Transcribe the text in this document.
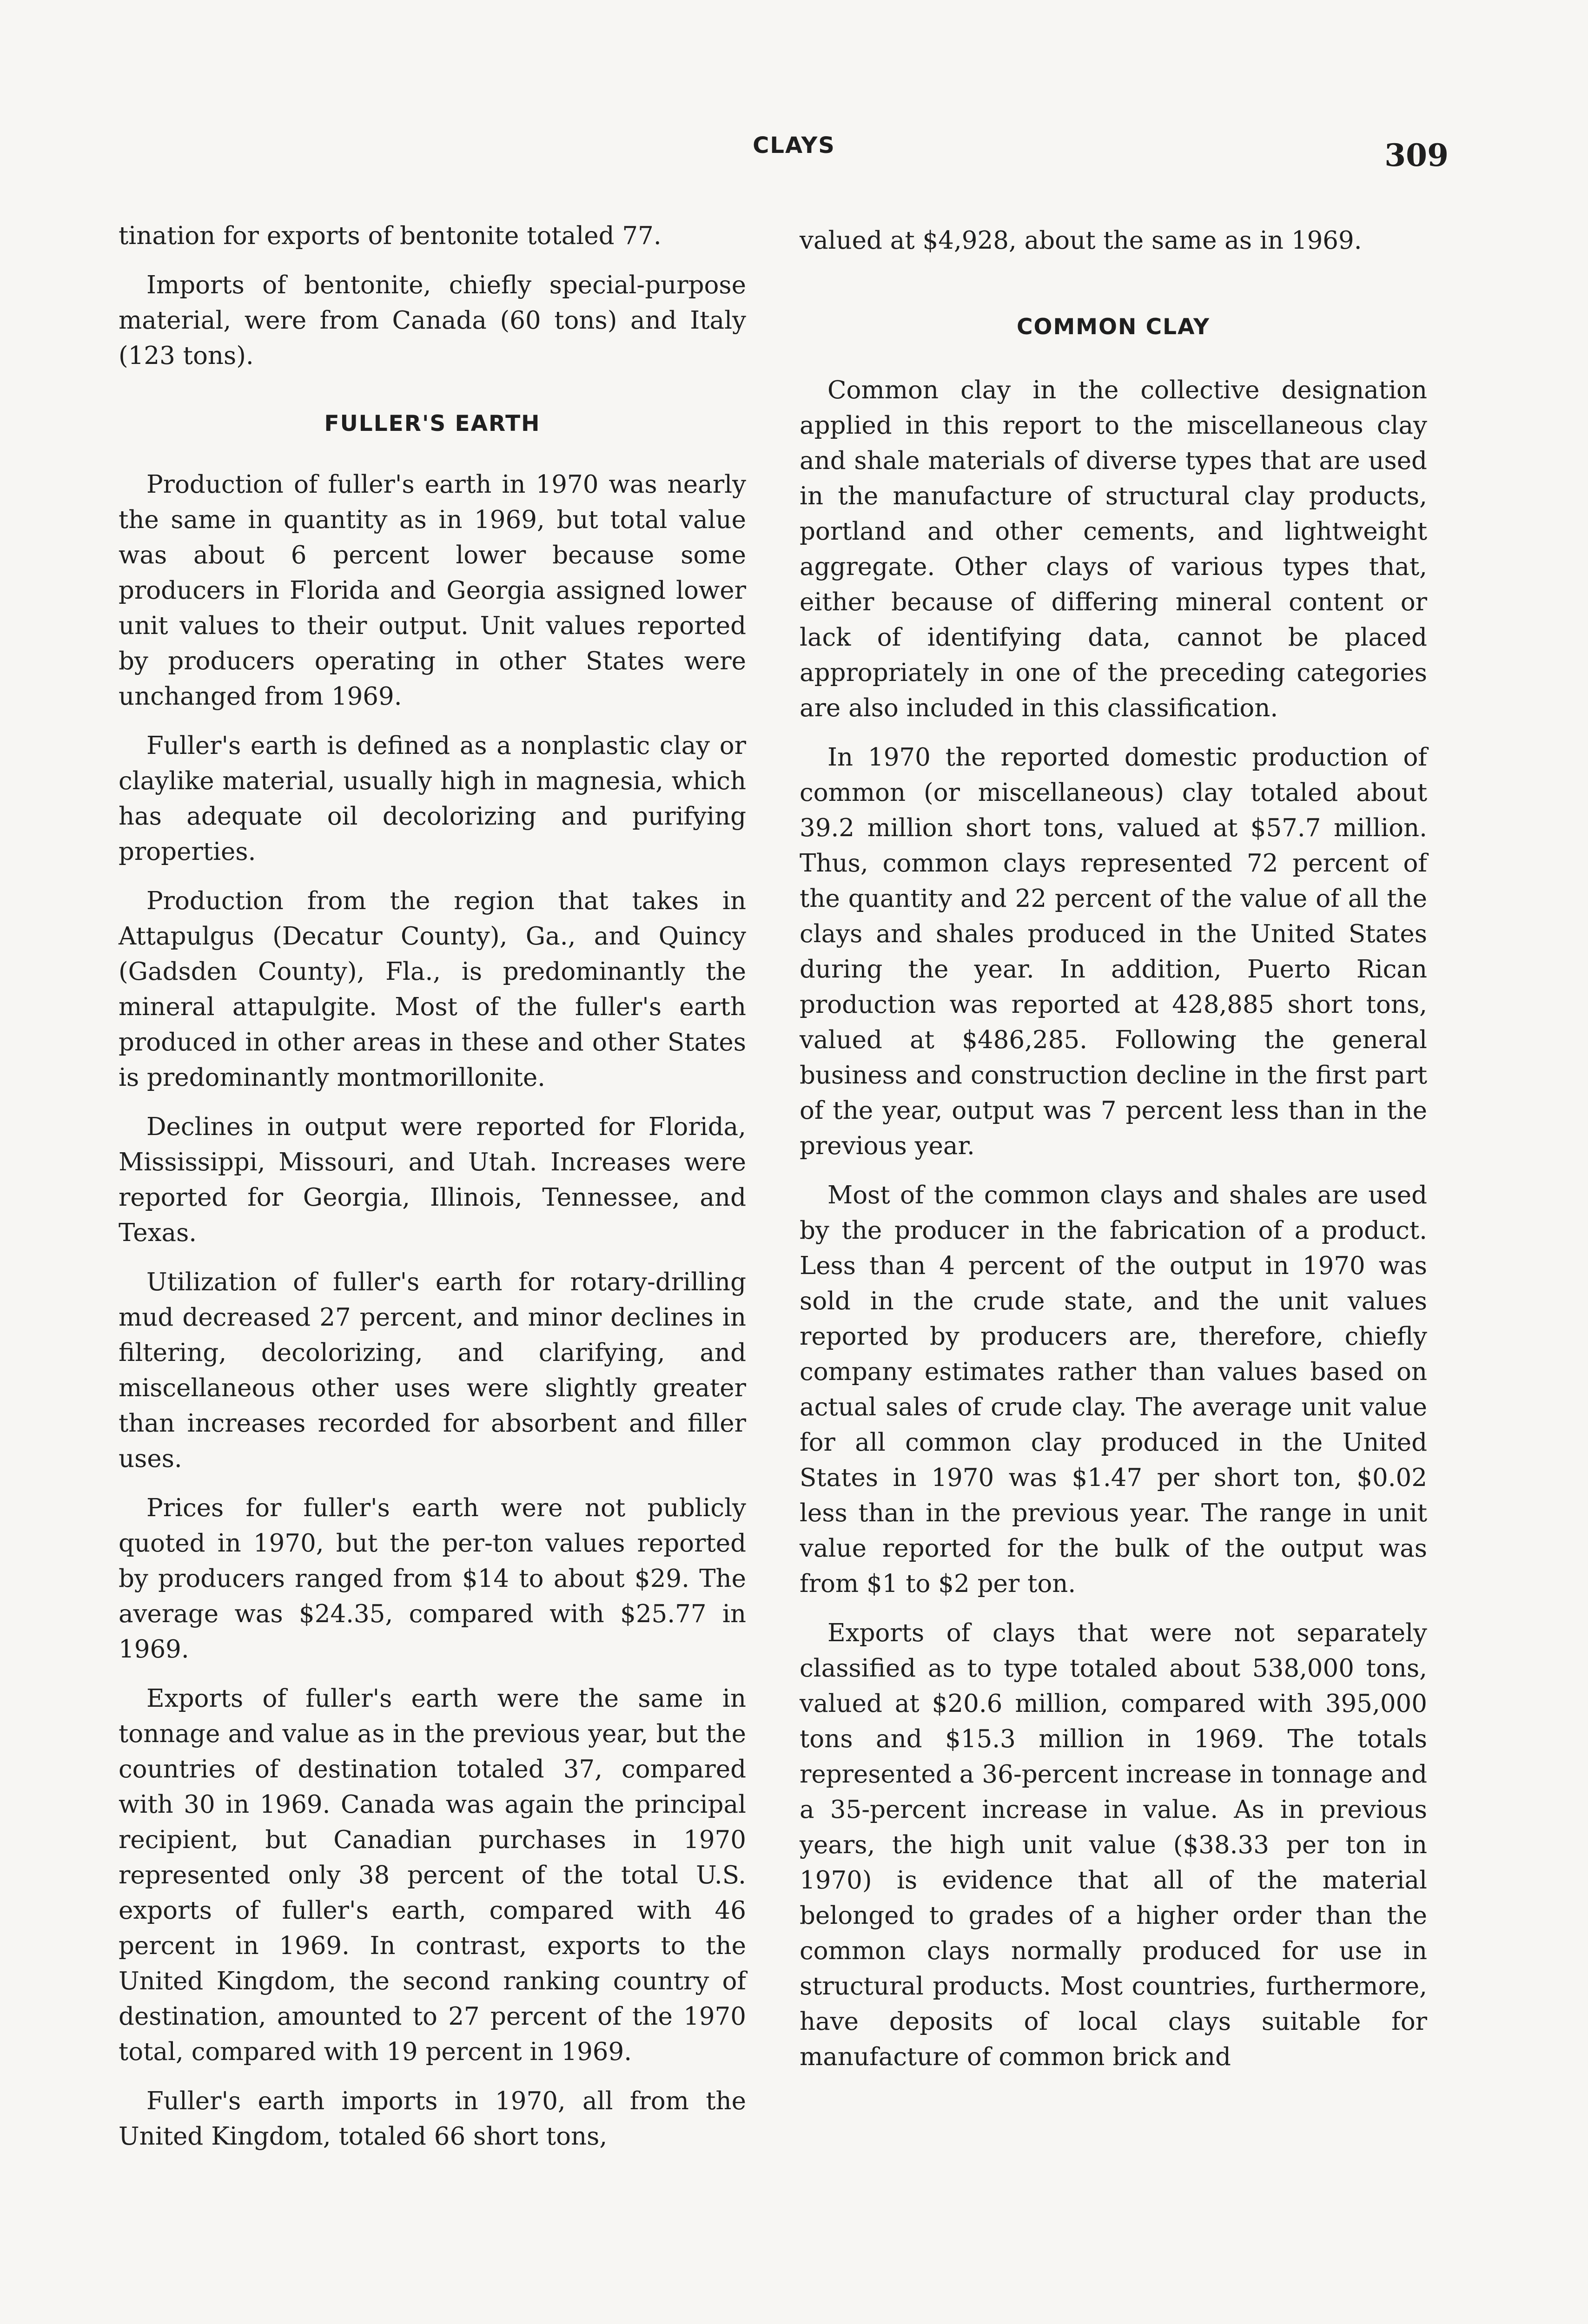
CLAYS	309

tination for exports of bentonite totaled 77.

Imports of bentonite, chiefly special-purpose material, were from Canada (60 tons) and Italy (123 tons).

FULLER'S EARTH

Production of fuller's earth in 1970 was nearly the same in quantity as in 1969, but total value was about 6 percent lower because some producers in Florida and Georgia assigned lower unit values to their output. Unit values reported by producers operating in other States were unchanged from 1969.

Fuller's earth is defined as a nonplastic clay or claylike material, usually high in magnesia, which has adequate oil decolorizing and purifying properties.

Production from the region that takes in Attapulgus (Decatur County), Ga., and Quincy (Gadsden County), Fla., is predominantly the mineral attapulgite. Most of the fuller's earth produced in other areas in these and other States is predominantly montmorillonite.

Declines in output were reported for Florida, Mississippi, Missouri, and Utah. Increases were reported for Georgia, Illinois, Tennessee, and Texas.

Utilization of fuller's earth for rotary-drilling mud decreased 27 percent, and minor declines in filtering, decolorizing, and clarifying, and miscellaneous other uses were slightly greater than increases recorded for absorbent and filler uses.

Prices for fuller's earth were not publicly quoted in 1970, but the per-ton values reported by producers ranged from $14 to about $29. The average was $24.35, compared with $25.77 in 1969.

Exports of fuller's earth were the same in tonnage and value as in the previous year, but the countries of destination totaled 37, compared with 30 in 1969. Canada was again the principal recipient, but Canadian purchases in 1970 represented only 38 percent of the total U.S. exports of fuller's earth, compared with 46 percent in 1969. In contrast, exports to the United Kingdom, the second ranking country of destination, amounted to 27 percent of the 1970 total, compared with 19 percent in 1969.

Fuller's earth imports in 1970, all from the United Kingdom, totaled 66 short tons,

valued at $4,928, about the same as in 1969.

COMMON CLAY

Common clay in the collective designation applied in this report to the miscellaneous clay and shale materials of diverse types that are used in the manufacture of structural clay products, portland and other cements, and lightweight aggregate. Other clays of various types that, either because of differing mineral content or lack of identifying data, cannot be placed appropriately in one of the preceding categories are also included in this classification.

In 1970 the reported domestic production of common (or miscellaneous) clay totaled about 39.2 million short tons, valued at $57.7 million. Thus, common clays represented 72 percent of the quantity and 22 percent of the value of all the clays and shales produced in the United States during the year. In addition, Puerto Rican production was reported at 428,885 short tons, valued at $486,285. Following the general business and construction decline in the first part of the year, output was 7 percent less than in the previous year.

Most of the common clays and shales are used by the producer in the fabrication of a product. Less than 4 percent of the output in 1970 was sold in the crude state, and the unit values reported by producers are, therefore, chiefly company estimates rather than values based on actual sales of crude clay. The average unit value for all common clay produced in the United States in 1970 was $1.47 per short ton, $0.02 less than in the previous year. The range in unit value reported for the bulk of the output was from $1 to $2 per ton.

Exports of clays that were not separately classified as to type totaled about 538,000 tons, valued at $20.6 million, compared with 395,000 tons and $15.3 million in 1969. The totals represented a 36-percent increase in tonnage and a 35-percent increase in value. As in previous years, the high unit value ($38.33 per ton in 1970) is evidence that all of the material belonged to grades of a higher order than the common clays normally produced for use in structural products. Most countries, furthermore, have deposits of local clays suitable for manufacture of common brick and
